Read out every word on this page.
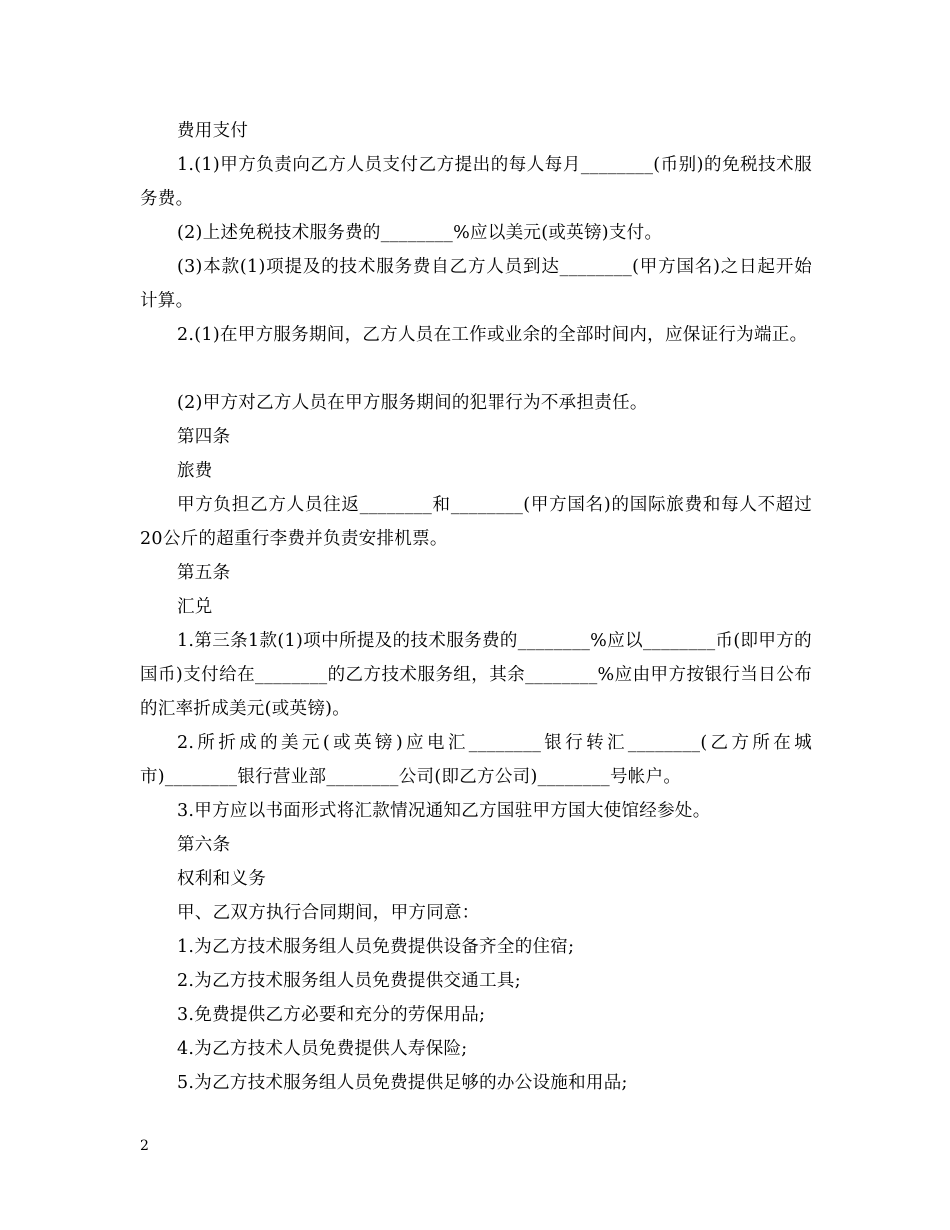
费用支付

1.(1)甲方负责向乙方人员支付乙方提出的每人每月________(币别)的免税技术服务费。

(2)上述免税技术服务费的________%应以美元(或英镑)支付。

(3)本款(1)项提及的技术服务费自乙方人员到达________(甲方国名)之日起开始计算。

2.(1)在甲方服务期间，乙方人员在工作或业余的全部时间内，应保证行为端正。

(2)甲方对乙方人员在甲方服务期间的犯罪行为不承担责任。

第四条

旅费

甲方负担乙方人员往返________和________(甲方国名)的国际旅费和每人不超过20公斤的超重行李费并负责安排机票。

第五条

汇兑

1.第三条1款(1)项中所提及的技术服务费的________%应以________币(即甲方的国币)支付给在________的乙方技术服务组，其余________%应由甲方按银行当日公布的汇率折成美元(或英镑)。

2.所折成的美元(或英镑)应电汇________银行转汇________(乙方所在城市)________银行营业部________公司(即乙方公司)________号帐户。

3.甲方应以书面形式将汇款情况通知乙方国驻甲方国大使馆经参处。

第六条

权利和义务

甲、乙双方执行合同期间，甲方同意：

1.为乙方技术服务组人员免费提供设备齐全的住宿;

2.为乙方技术服务组人员免费提供交通工具;

3.免费提供乙方必要和充分的劳保用品;

4.为乙方技术人员免费提供人寿保险;

5.为乙方技术服务组人员免费提供足够的办公设施和用品;

2
